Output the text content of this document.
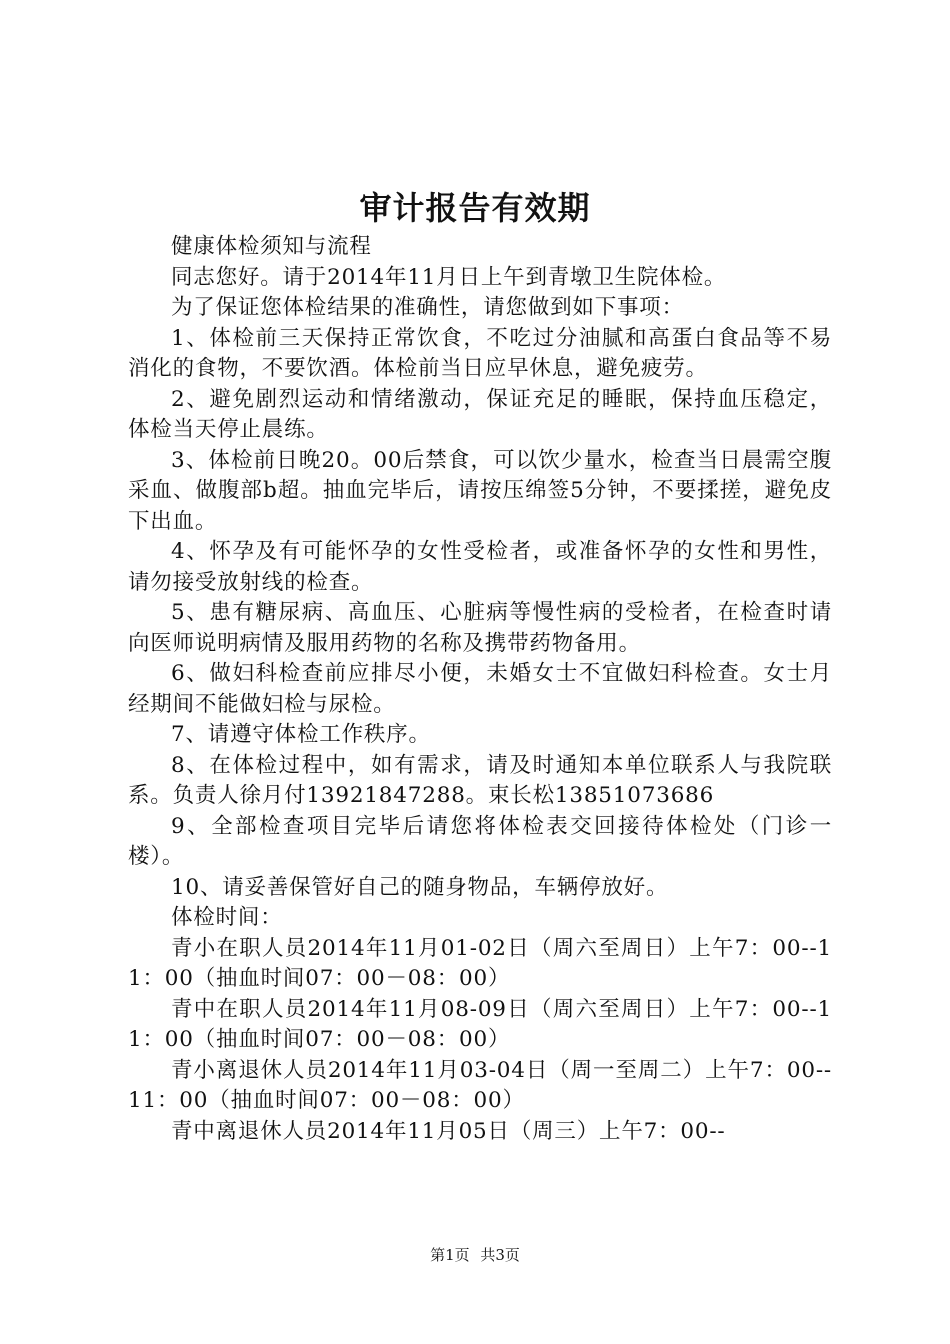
审计报告有效期

健康体检须知与流程

同志您好。请于2014年11月日上午到青墩卫生院体检。

为了保证您体检结果的准确性，请您做到如下事项：

1、体检前三天保持正常饮食，不吃过分油腻和高蛋白食品等不易消化的食物，不要饮酒。体检前当日应早休息，避免疲劳。

2、避免剧烈运动和情绪激动，保证充足的睡眠，保持血压稳定，体检当天停止晨练。

3、体检前日晚20。00后禁食，可以饮少量水，检查当日晨需空腹采血、做腹部b超。抽血完毕后，请按压绵签5分钟，不要揉搓，避免皮下出血。

4、怀孕及有可能怀孕的女性受检者，或准备怀孕的女性和男性，请勿接受放射线的检查。

5、患有糖尿病、高血压、心脏病等慢性病的受检者，在检查时请向医师说明病情及服用药物的名称及携带药物备用。

6、做妇科检查前应排尽小便，未婚女士不宜做妇科检查。女士月经期间不能做妇检与尿检。

7、请遵守体检工作秩序。

8、在体检过程中，如有需求，请及时通知本单位联系人与我院联系。负责人徐月付13921847288。束长松13851073686

9、全部检查项目完毕后请您将体检表交回接待体检处（门诊一楼）。

10、请妥善保管好自己的随身物品，车辆停放好。

体检时间：

青小在职人员2014年11月01-02日（周六至周日）上午7：00--11：00（抽血时间07：00－08：00）

青中在职人员2014年11月08-09日（周六至周日）上午7：00--11：00（抽血时间07：00－08：00）

青小离退休人员2014年11月03-04日（周一至周二）上午7：00--11：00（抽血时间07：00－08：00）

青中离退休人员2014年11月05日（周三）上午7：00--

第1页 共3页
